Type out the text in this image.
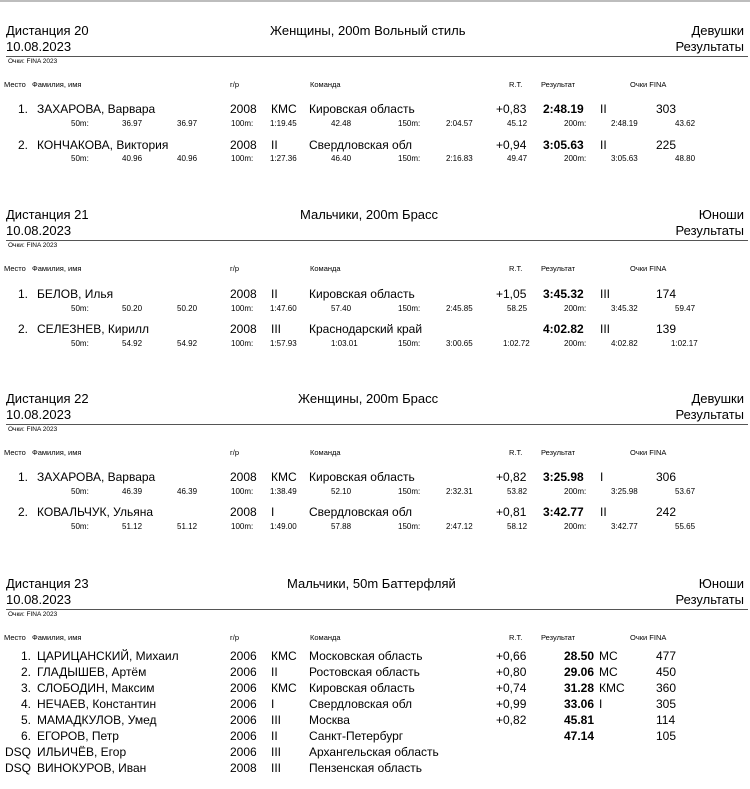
Дистанция 20
10.08.2023
Женщины, 200m Вольный стиль	Девушки
Результаты
Очки: FINA 2023
Место Фамилия, имя	г/р	Команда	R.T. Результат	Очки FINA
1. ЗАХАРОВА, Варвара	2008 КМС Кировская область	+0,83 2:48.19 II	303
50m:	36.97	36.97	100m: 1:19.45	42.48	150m:	2:04.57	45.12	200m:	2:48.19	43.62
2. КОНЧАКОВА, Виктория	2008 II	Свердловская обл	+0,94 3:05.63 II	225
50m:	40.96	40.96	100m: 1:27.36	46.40	150m:	2:16.83	49.47	200m:	3:05.63	48.80
Дистанция 21
10.08.2023
Мальчики, 200m Брасс	Юноши
Результаты
Очки: FINA 2023
Место Фамилия, имя	г/р	Команда	R.T. Результат	Очки FINA
1. БЕЛОВ, Илья	2008 II	Кировская область	+1,05 3:45.32 III	174
50m:	50.20	50.20	100m: 1:47.60	57.40	150m:	2:45.85	58.25	200m:	3:45.32	59.47
2. СЕЛЕЗНЕВ, Кирилл	2008 III Краснодарский край	4:02.82 III	139
50m:	54.92	54.92	100m: 1:57.93	1:03.01	150m:	3:00.65	1:02.72	200m:	4:02.82	1:02.17
Дистанция 22
10.08.2023
Женщины, 200m Брасс	Девушки
Результаты
Очки: FINA 2023
Место Фамилия, имя	г/р	Команда	R.T. Результат	Очки FINA
1. ЗАХАРОВА, Варвара	2008 КМС Кировская область	+0,82 3:25.98 I	306
50m:	46.39	46.39	100m: 1:38.49	52.10	150m:	2:32.31	53.82	200m:	3:25.98	53.67
2. КОВАЛЬЧУК, Ульяна	2008 I	Свердловская обл	+0,81 3:42.77 II	242
50m:	51.12	51.12	100m: 1:49.00	57.88	150m:	2:47.12	58.12	200m:	3:42.77	55.65
Дистанция 23
10.08.2023
Мальчики, 50m Баттерфляй	Юноши
Результаты
Очки: FINA 2023
Место Фамилия, имя	г/р	Команда	R.T. Результат	Очки FINA
1. ЦАРИЦАНСКИЙ, Михаил	2006 КМС Московская область	+0,66	28.50 МС	477
2. ГЛАДЫШЕВ, Артём	2006 II	Ростовская область	+0,80	29.06 МС	450
3. СЛОБОДИН, Максим	2006 КМС Кировская область	+0,74	31.28 КМС	360
4. НЕЧАЕВ, Константин	2006 I	Свердловская обл	+0,99	33.06 I	305
5. МАМАДКУЛОВ, Умед	2006 III Москва	+0,82	45.81	114
6. ЕГОРОВ, Петр	2006 II	Санкт-Петербург	47.14	105
DSQ ИЛЬИЧЁВ, Егор	2006 III Архангельская область
DSQ ВИНОКУРОВ, Иван	2008 III Пензенская область
